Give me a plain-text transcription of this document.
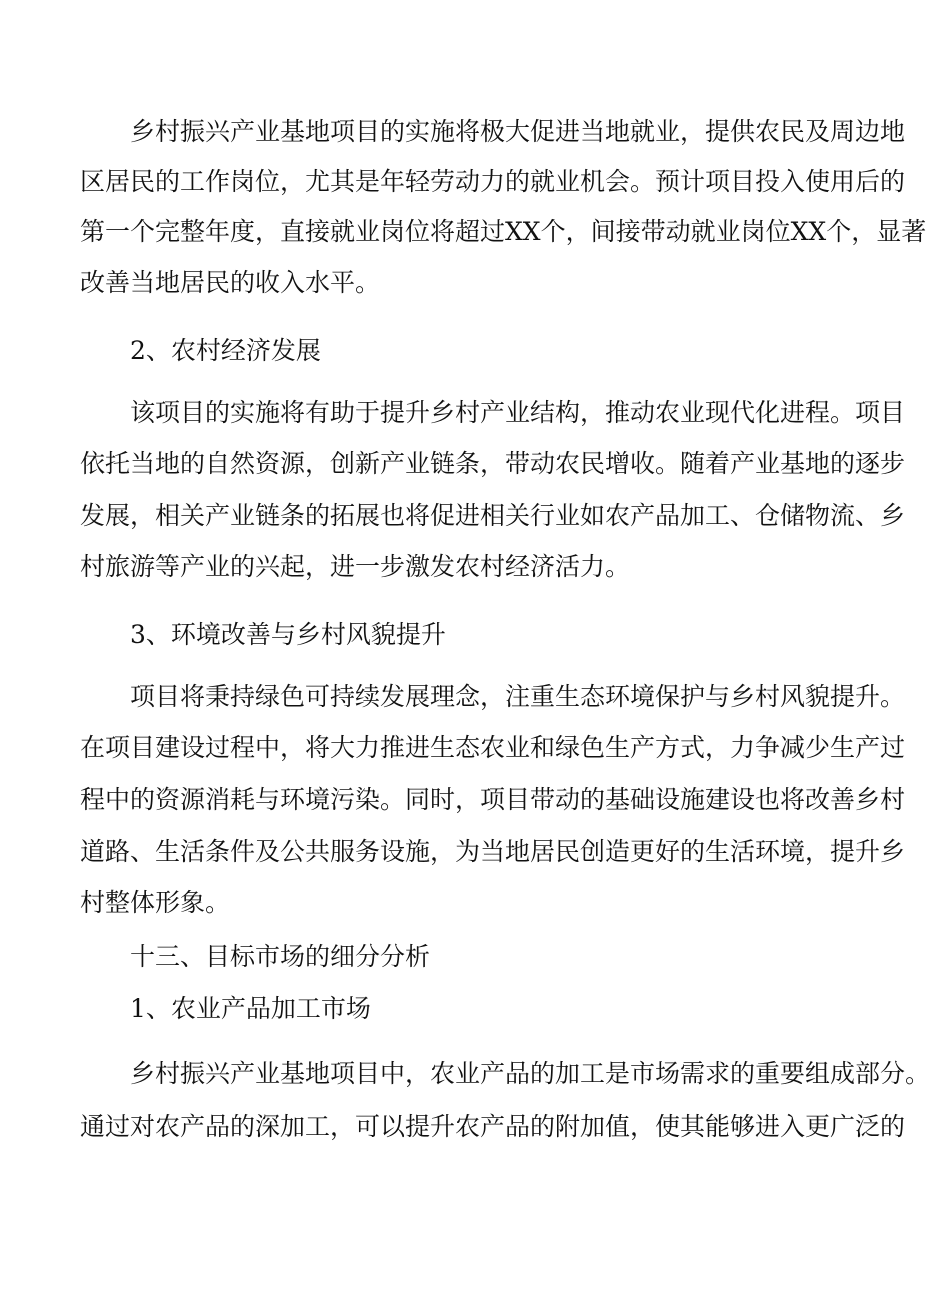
乡村振兴产业基地项目的实施将极大促进当地就业，提供农民及周边地
区居民的工作岗位，尤其是年轻劳动力的就业机会。预计项目投入使用后的
第一个完整年度，直接就业岗位将超过XX个，间接带动就业岗位XX个，显著
改善当地居民的收入水平。
2、农村经济发展
该项目的实施将有助于提升乡村产业结构，推动农业现代化进程。项目
依托当地的自然资源，创新产业链条，带动农民增收。随着产业基地的逐步
发展，相关产业链条的拓展也将促进相关行业如农产品加工、仓储物流、乡
村旅游等产业的兴起，进一步激发农村经济活力。
3、环境改善与乡村风貌提升
项目将秉持绿色可持续发展理念，注重生态环境保护与乡村风貌提升。
在项目建设过程中，将大力推进生态农业和绿色生产方式，力争减少生产过
程中的资源消耗与环境污染。同时，项目带动的基础设施建设也将改善乡村
道路、生活条件及公共服务设施，为当地居民创造更好的生活环境，提升乡
村整体形象。
十三、目标市场的细分分析
1、农业产品加工市场
乡村振兴产业基地项目中，农业产品的加工是市场需求的重要组成部分。
通过对农产品的深加工，可以提升农产品的附加值，使其能够进入更广泛的
